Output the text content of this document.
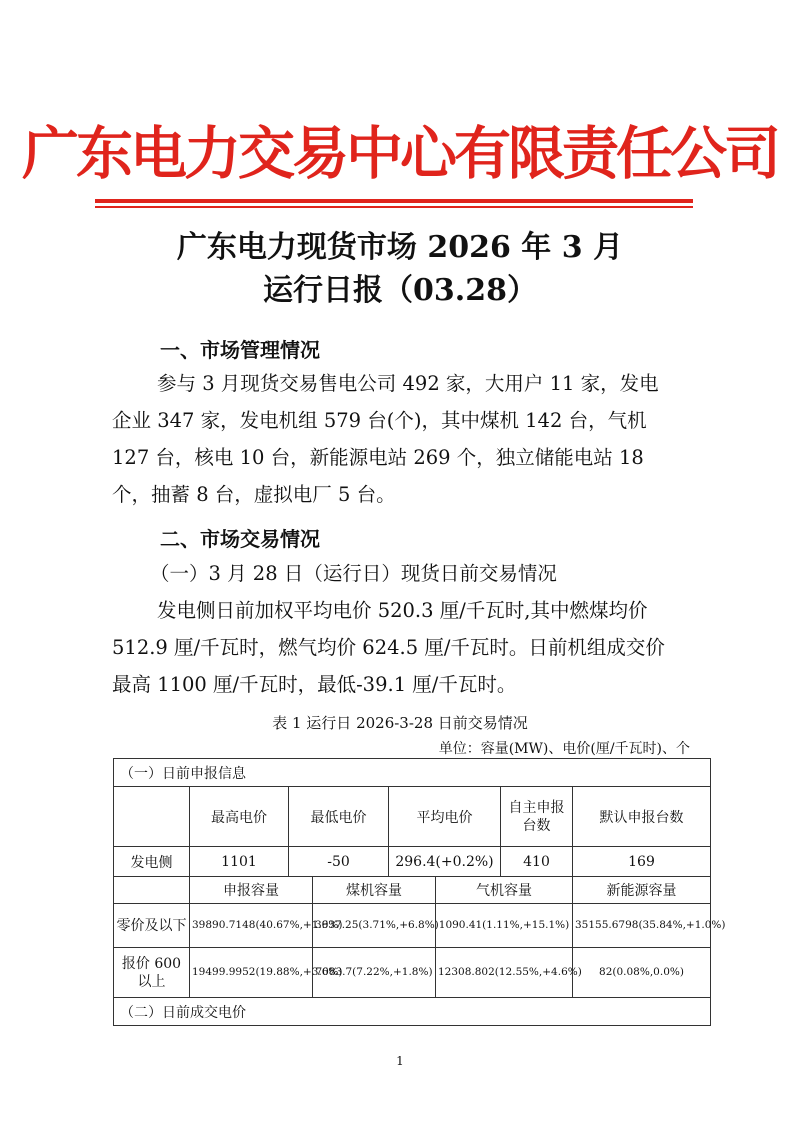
广东电力交易中心有限责任公司
广东电力现货市场 2026 年 3 月
运行日报（03.28）
一、市场管理情况
参与 3 月现货交易售电公司 492 家，大用户 11 家，发电
企业 347 家，发电机组 579 台(个)，其中煤机 142 台，气机
127 台，核电 10 台，新能源电站 269 个，独立储能电站 18
个，抽蓄 8 台，虚拟电厂 5 台。
二、市场交易情况
（一）3 月 28 日（运行日）现货日前交易情况
发电侧日前加权平均电价 520.3 厘/千瓦时,其中燃煤均价
512.9 厘/千瓦时，燃气均价 624.5 厘/千瓦时。日前机组成交价
最高 1100 厘/千瓦时，最低-39.1 厘/千瓦时。
表 1 运行日 2026-3-28 日前交易情况
单位：容量(MW)、电价(厘/千瓦时)、个
（一）日前申报信息							
	最高电价	最低电价		平均电价		自主申报台数	默认申报台数
发电侧	1101	-50		296.4(+0.2%)		410	169
	申报容量		煤机容量		气机容量		新能源容量
零价及以下	39890.7148(40.67%,+1.9%)		3637.25(3.71%,+6.8%)		1090.41(1.11%,+15.1%)		35155.6798(35.84%,+1.0%)
报价 600 以上	19499.9952(19.88%,+3.6%)		7083.7(7.22%,+1.8%)		12308.802(12.55%,+4.6%)		82(0.08%,0.0%)
（二）日前成交电价							
1
